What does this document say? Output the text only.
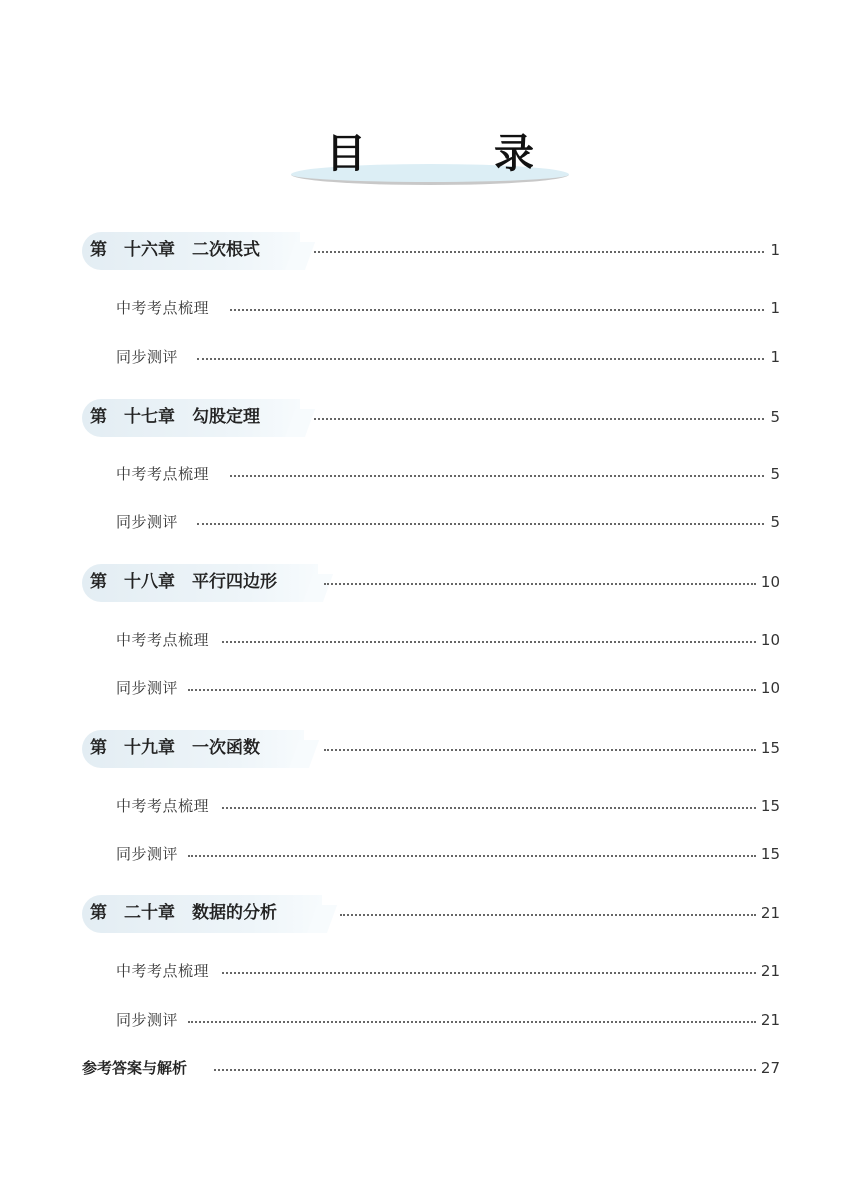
目　录
第　十六章　二次根式	1
中考考点梳理	1
同步测评	1
第　十七章　勾股定理	5
中考考点梳理	5
同步测评	5
第　十八章　平行四边形	10
中考考点梳理	10
同步测评	10
第　十九章　一次函数	15
中考考点梳理	15
同步测评	15
第　二十章　数据的分析	21
中考考点梳理	21
同步测评	21
参考答案与解析	27
